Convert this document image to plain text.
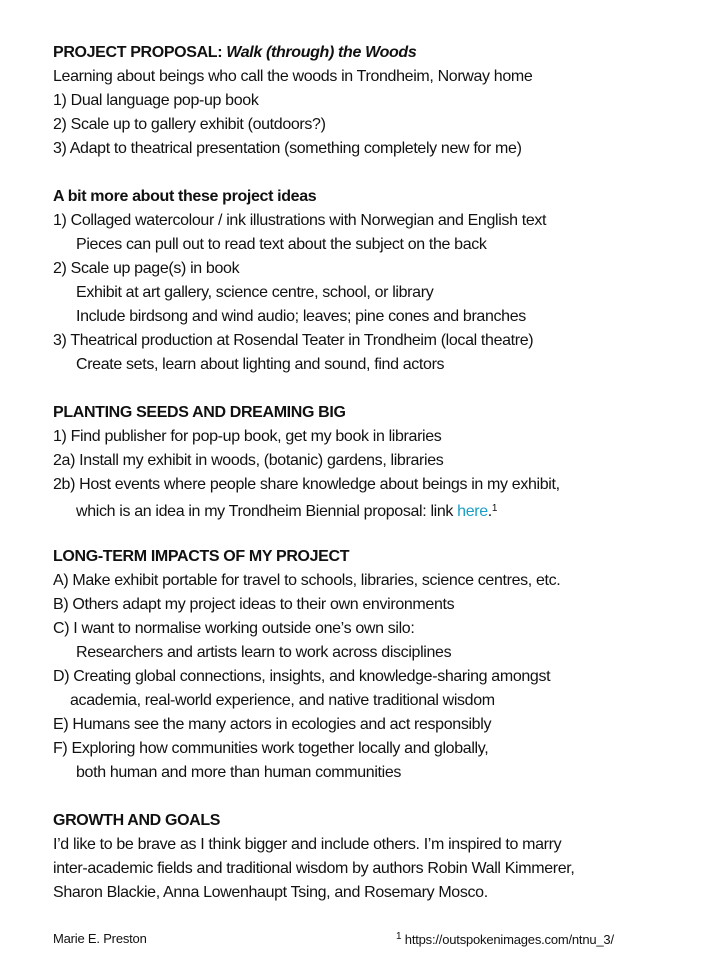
PROJECT PROPOSAL: Walk (through) the Woods
Learning about beings who call the woods in Trondheim, Norway home
1) Dual language pop-up book
2) Scale up to gallery exhibit (outdoors?)
3) Adapt to theatrical presentation (something completely new for me)
A bit more about these project ideas
1) Collaged watercolour / ink illustrations with Norwegian and English text
Pieces can pull out to read text about the subject on the back
2) Scale up page(s) in book
Exhibit at art gallery, science centre, school, or library
Include birdsong and wind audio; leaves; pine cones and branches
3) Theatrical production at Rosendal Teater in Trondheim (local theatre)
Create sets, learn about lighting and sound, find actors
PLANTING SEEDS AND DREAMING BIG
1) Find publisher for pop-up book, get my book in libraries
2a) Install my exhibit in woods, (botanic) gardens, libraries
2b) Host events where people share knowledge about beings in my exhibit,
which is an idea in my Trondheim Biennial proposal: link here.$^1$
LONG-TERM IMPACTS OF MY PROJECT
A) Make exhibit portable for travel to schools, libraries, science centres, etc.
B) Others adapt my project ideas to their own environments
C) I want to normalise working outside one’s own silo:
Researchers and artists learn to work across disciplines
D) Creating global connections, insights, and knowledge-sharing amongst
academia, real-world experience, and native traditional wisdom
E) Humans see the many actors in ecologies and act responsibly
F) Exploring how communities work together locally and globally,
both human and more than human communities
GROWTH AND GOALS
I’d like to be brave as I think bigger and include others. I’m inspired to marry
inter-academic fields and traditional wisdom by authors Robin Wall Kimmerer,
Sharon Blackie, Anna Lowenhaupt Tsing, and Rosemary Mosco.
Marie E. Preston	$^1$ https://outspokenimages.com/ntnu_3/
